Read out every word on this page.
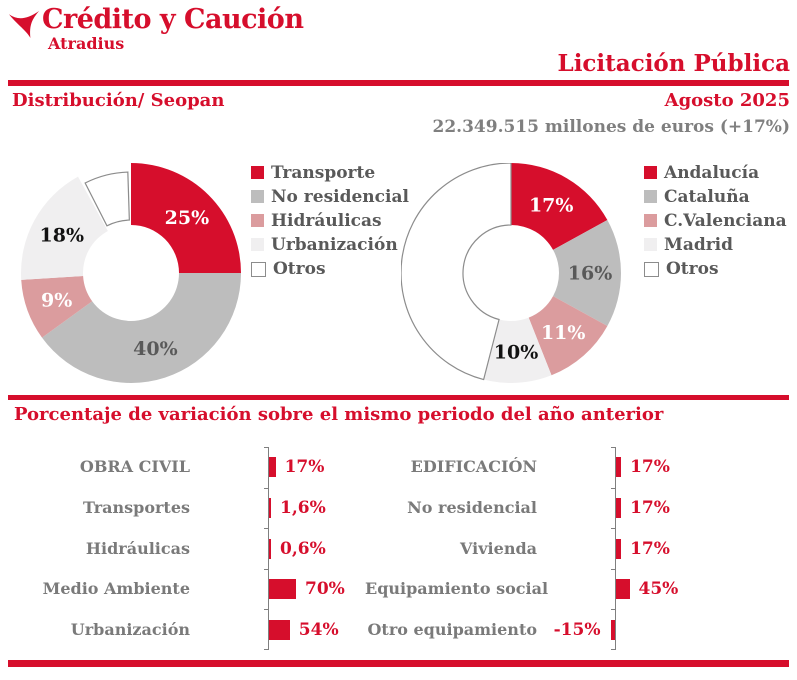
Crédito y Caución
Atradius
Licitación Pública
Distribución/ Seopan	Agosto 2025
22.349.515 millones de euros (+17%)
25%
40%
9%
18%
Transporte
No residencial
Hidráulicas
Urbanización
Otros
17%
16%
11%
10%
Andalucía
Cataluña
C.Valenciana
Madrid
Otros
Porcentaje de variación sobre el mismo periodo del año anterior
OBRA CIVIL	17%
Transportes	1,6%
Hidráulicas	0,6%
Medio Ambiente	70%
Urbanización	54%
EDIFICACIÓN	17%
No residencial	17%
Vivienda	17%
Equipamiento social	45%
Otro equipamiento -15%
